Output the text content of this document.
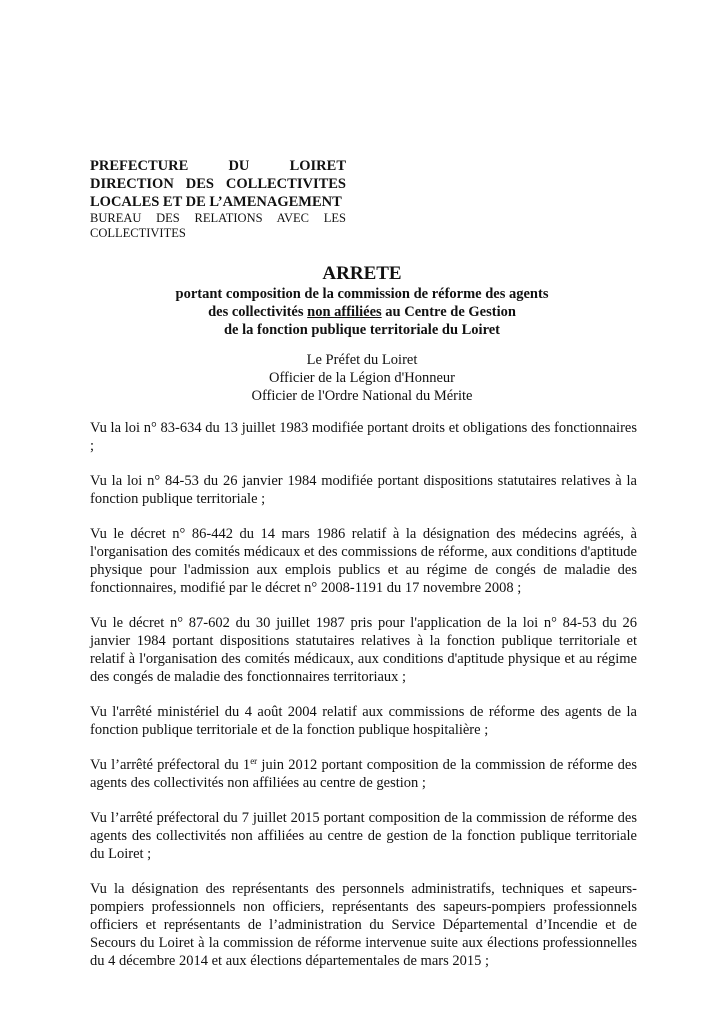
PREFECTURE DU LOIRET
DIRECTION DES COLLECTIVITES
LOCALES ET DE L’AMENAGEMENT
BUREAU DES RELATIONS AVEC LES
COLLECTIVITES
ARRETE
portant composition de la commission de réforme des agents
des collectivités non affiliées au Centre de Gestion
de la fonction publique territoriale du Loiret
Le Préfet du Loiret
Officier de la Légion d'Honneur
Officier de l'Ordre National du Mérite

Vu la loi n° 83-634 du 13 juillet 1983 modifiée portant droits et obligations des fonctionnaires ;

Vu la loi n° 84-53 du 26 janvier 1984 modifiée portant dispositions statutaires relatives à la fonction publique territoriale ;

Vu le décret n° 86-442 du 14 mars 1986 relatif à la désignation des médecins agréés, à l'organisation des comités médicaux et des commissions de réforme, aux conditions d'aptitude physique pour l'admission aux emplois publics et au régime de congés de maladie des fonctionnaires, modifié par le décret n° 2008-1191 du 17 novembre 2008 ;

Vu le décret n° 87-602 du 30 juillet 1987 pris pour l'application de la loi n° 84-53 du 26 janvier 1984 portant dispositions statutaires relatives à la fonction publique territoriale et relatif à l'organisation des comités médicaux, aux conditions d'aptitude physique et au régime des congés de maladie des fonctionnaires territoriaux ;

Vu l'arrêté ministériel du 4 août 2004 relatif aux commissions de réforme des agents de la fonction publique territoriale et de la fonction publique hospitalière ;

Vu l’arrêté préfectoral du 1er juin 2012 portant composition de la commission de réforme des agents des collectivités non affiliées au centre de gestion ;

Vu l’arrêté préfectoral du 7 juillet 2015 portant composition de la commission de réforme des agents des collectivités non affiliées au centre de gestion de la fonction publique territoriale du Loiret ;

Vu la désignation des représentants des personnels administratifs, techniques et sapeurs-pompiers professionnels non officiers, représentants des sapeurs-pompiers professionnels officiers et représentants de l’administration du Service Départemental d’Incendie et de Secours du Loiret à la commission de réforme intervenue suite aux élections professionnelles du 4 décembre 2014 et aux élections départementales de mars 2015 ;
